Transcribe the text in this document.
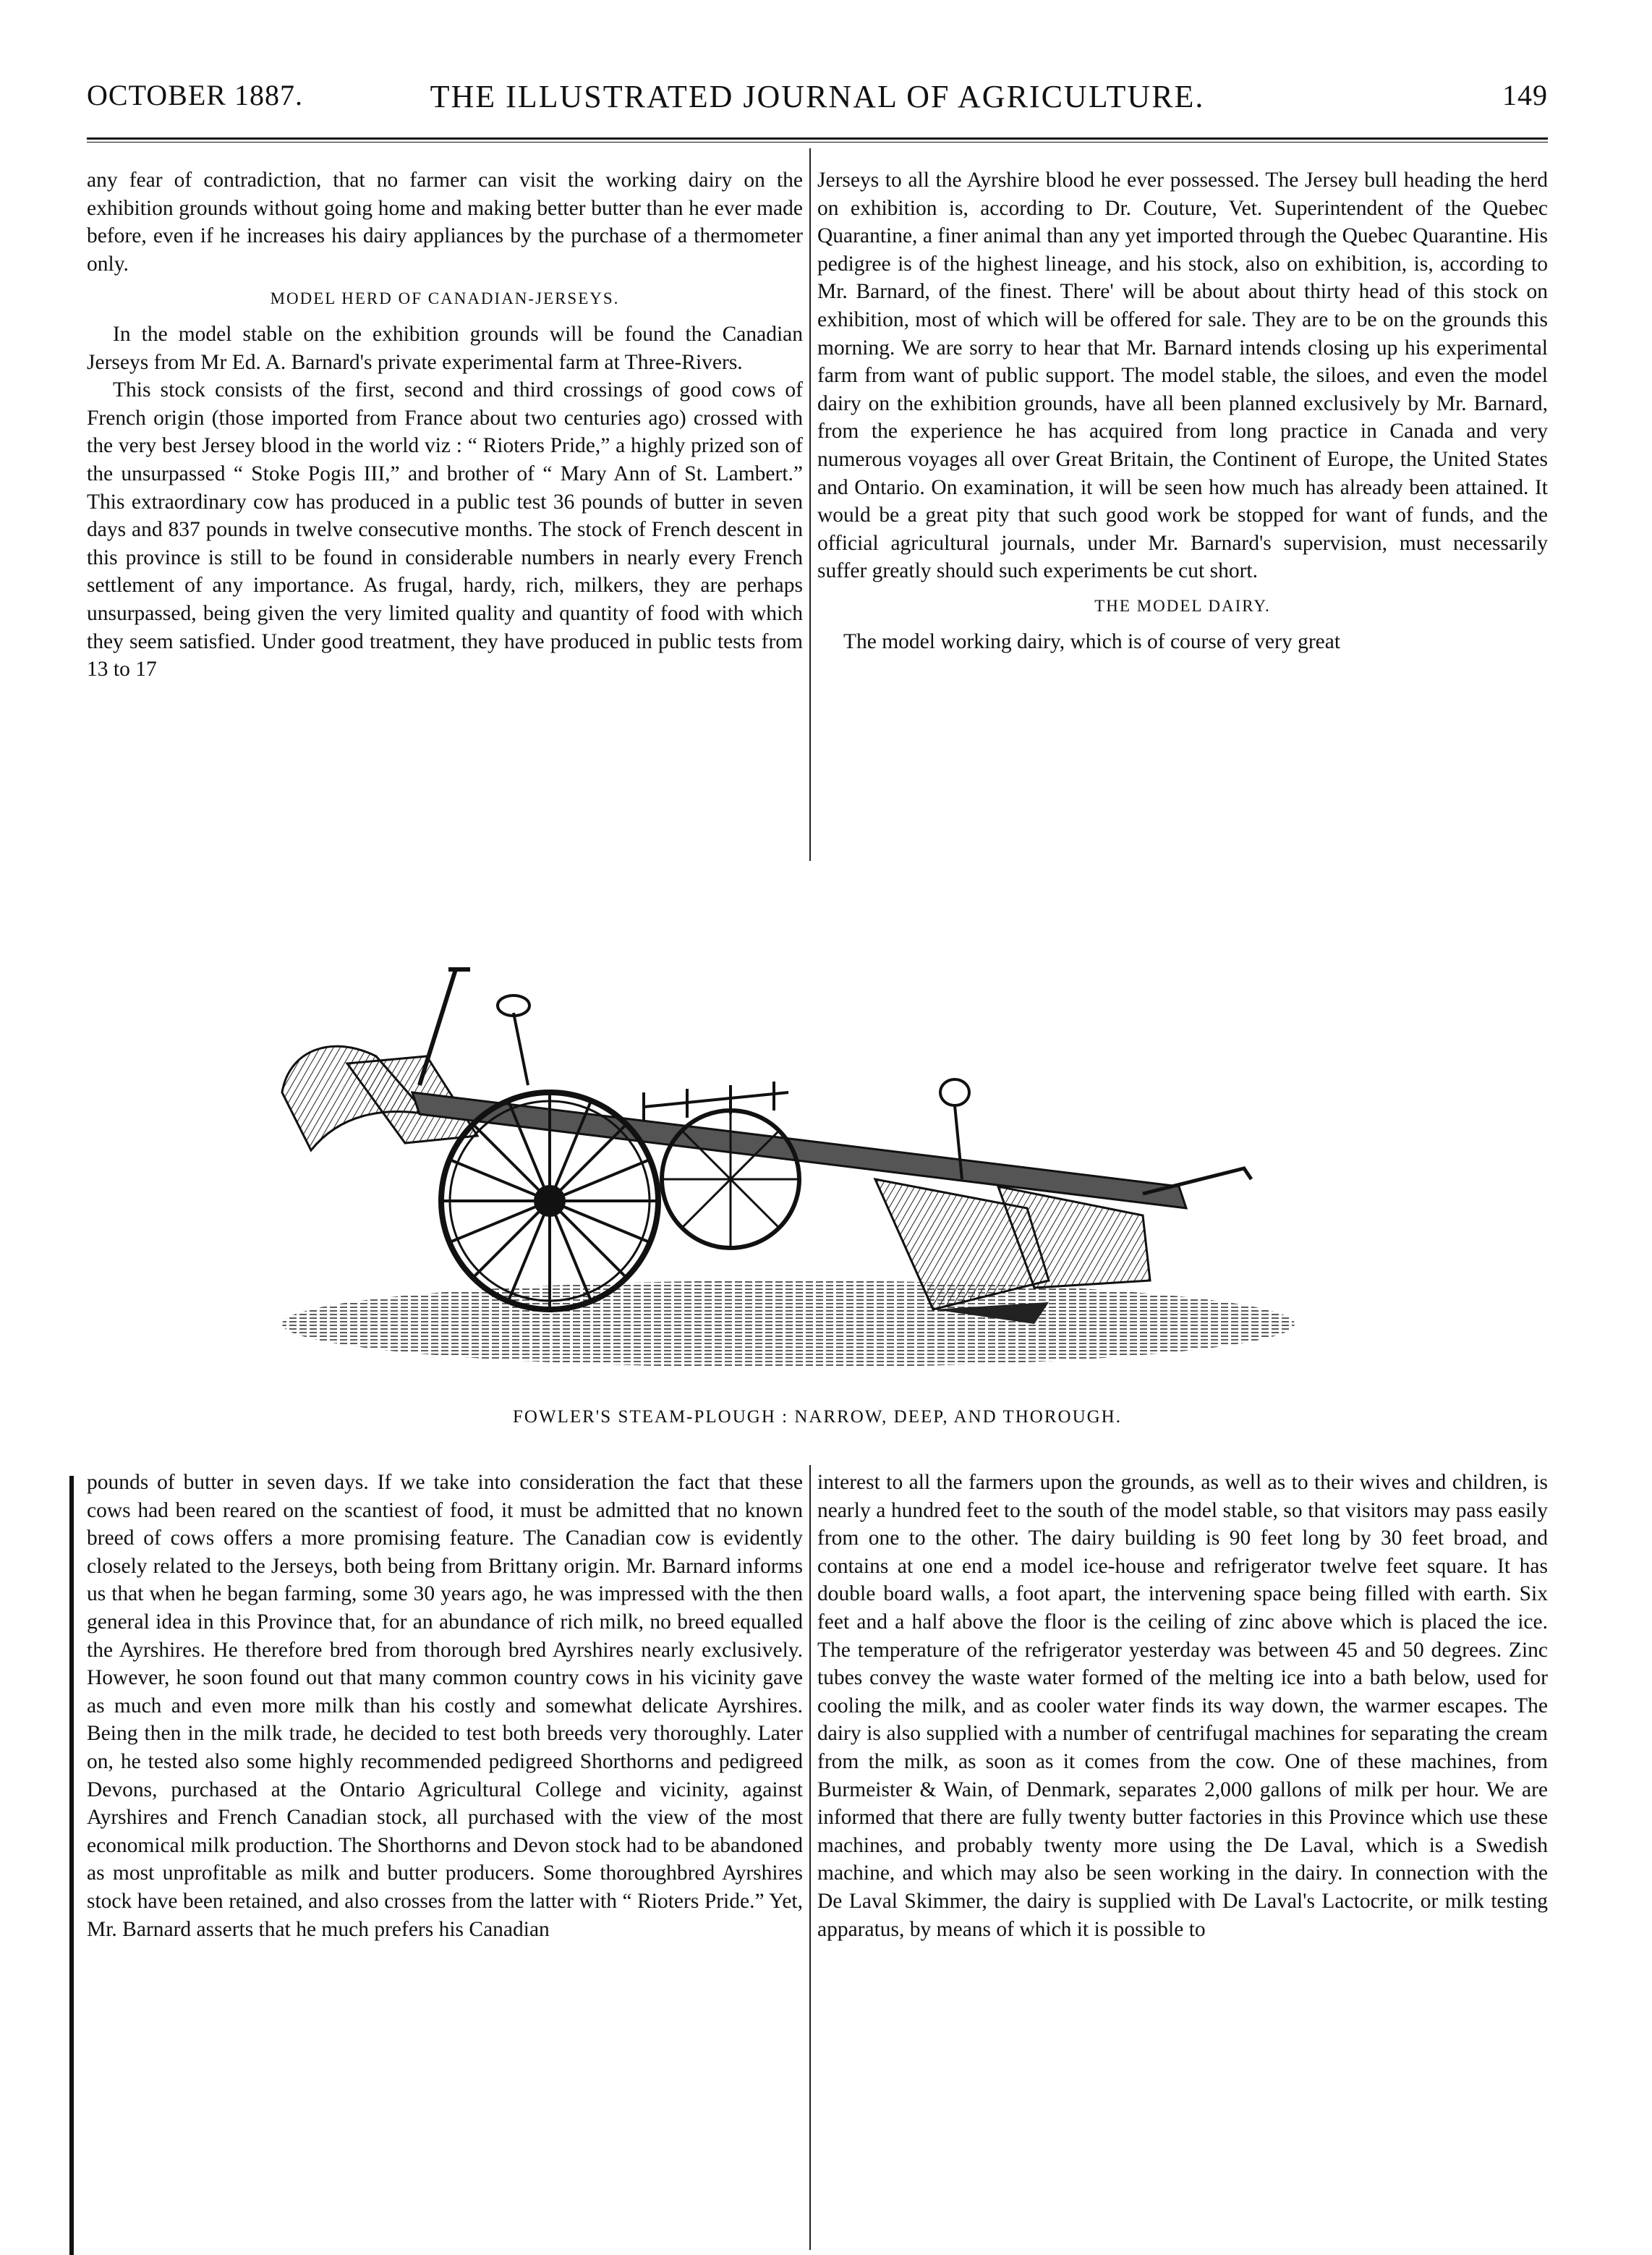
OCTOBER 1887.	THE ILLUSTRATED JOURNAL OF AGRICULTURE.	149

any fear of contradiction, that no farmer can visit the working dairy on the exhibition grounds without going home and making better butter than he ever made before, even if he increases his dairy appliances by the purchase of a thermometer only.

MODEL HERD OF CANADIAN-JERSEYS.

In the model stable on the exhibition grounds will be found the Canadian Jerseys from Mr Ed. A. Barnard's private experimental farm at Three-Rivers.

This stock consists of the first, second and third crossings of good cows of French origin (those imported from France about two centuries ago) crossed with the very best Jersey blood in the world viz : “ Rioters Pride,” a highly prized son of the unsurpassed “ Stoke Pogis III,” and brother of “ Mary Ann of St. Lambert.” This extraordinary cow has produced in a public test 36 pounds of butter in seven days and 837 pounds in twelve consecutive months. The stock of French descent in this province is still to be found in considerable numbers in nearly every French settlement of any importance. As frugal, hardy, rich, milkers, they are perhaps unsurpassed, being given the very limited quality and quantity of food with which they seem satisfied. Under good treatment, they have produced in public tests from 13 to 17

Jerseys to all the Ayrshire blood he ever possessed. The Jersey bull heading the herd on exhibition is, according to Dr. Couture, Vet. Superintendent of the Quebec Quarantine, a finer animal than any yet imported through the Quebec Quarantine. His pedigree is of the highest lineage, and his stock, also on exhibition, is, according to Mr. Barnard, of the finest. There' will be about about thirty head of this stock on exhibition, most of which will be offered for sale. They are to be on the grounds this morning. We are sorry to hear that Mr. Barnard intends closing up his experimental farm from want of public support. The model stable, the siloes, and even the model dairy on the exhibition grounds, have all been planned exclusively by Mr. Barnard, from the experience he has acquired from long practice in Canada and very numerous voyages all over Great Britain, the Continent of Europe, the United States and Ontario. On examination, it will be seen how much has already been attained. It would be a great pity that such good work be stopped for want of funds, and the official agricultural journals, under Mr. Barnard's supervision, must necessarily suffer greatly should such experiments be cut short.

THE MODEL DAIRY.

The model working dairy, which is of course of very great

FOWLER'S STEAM-PLOUGH : NARROW, DEEP, AND THOROUGH.

pounds of butter in seven days. If we take into consideration the fact that these cows had been reared on the scantiest of food, it must be admitted that no known breed of cows offers a more promising feature. The Canadian cow is evidently closely related to the Jerseys, both being from Brittany origin. Mr. Barnard informs us that when he began farming, some 30 years ago, he was impressed with the then general idea in this Province that, for an abundance of rich milk, no breed equalled the Ayrshires. He therefore bred from thorough bred Ayrshires nearly exclusively. However, he soon found out that many common country cows in his vicinity gave as much and even more milk than his costly and somewhat delicate Ayrshires. Being then in the milk trade, he decided to test both breeds very thoroughly. Later on, he tested also some highly recommended pedigreed Shorthorns and pedigreed Devons, purchased at the Ontario Agricultural College and vicinity, against Ayrshires and French Canadian stock, all purchased with the view of the most economical milk production. The Shorthorns and Devon stock had to be abandoned as most unprofitable as milk and butter producers. Some thoroughbred Ayrshires stock have been retained, and also crosses from the latter with “ Rioters Pride.” Yet, Mr. Barnard asserts that he much prefers his Canadian

interest to all the farmers upon the grounds, as well as to their wives and children, is nearly a hundred feet to the south of the model stable, so that visitors may pass easily from one to the other. The dairy building is 90 feet long by 30 feet broad, and contains at one end a model ice-house and refrigerator twelve feet square. It has double board walls, a foot apart, the intervening space being filled with earth. Six feet and a half above the floor is the ceiling of zinc above which is placed the ice. The temperature of the refrigerator yesterday was between 45 and 50 degrees. Zinc tubes convey the waste water formed of the melting ice into a bath below, used for cooling the milk, and as cooler water finds its way down, the warmer escapes. The dairy is also supplied with a number of centrifugal machines for separating the cream from the milk, as soon as it comes from the cow. One of these machines, from Burmeister & Wain, of Denmark, separates 2,000 gallons of milk per hour. We are informed that there are fully twenty butter factories in this Province which use these machines, and probably twenty more using the De Laval, which is a Swedish machine, and which may also be seen working in the dairy. In connection with the De Laval Skimmer, the dairy is supplied with De Laval's Lactocrite, or milk testing apparatus, by means of which it is possible to
